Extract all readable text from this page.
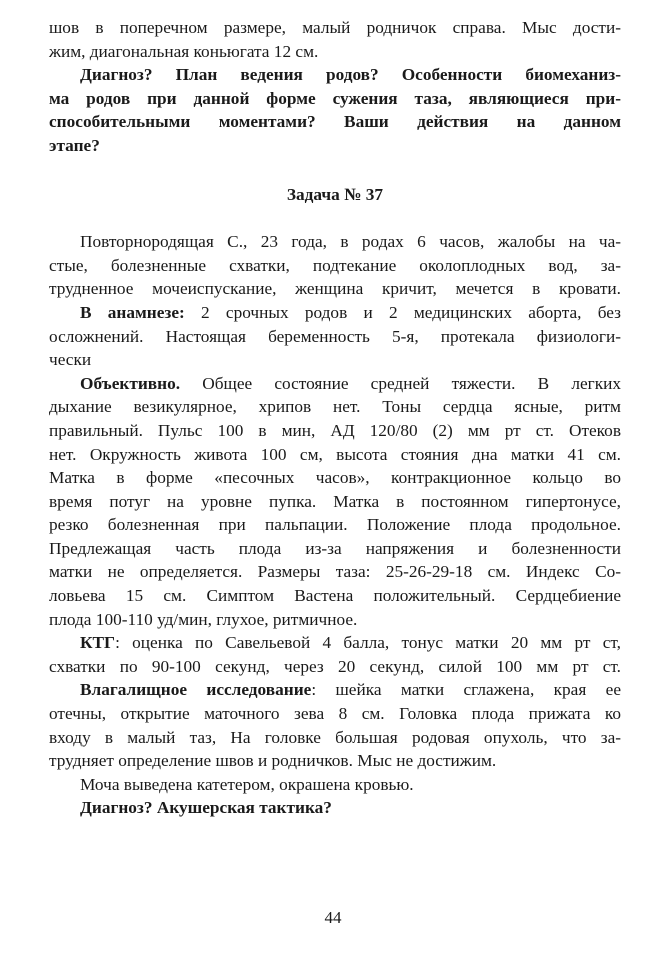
шов в поперечном размере, малый родничок справа. Мыс дости-
жим, диагональная коньюгата 12 см.
Диагноз? План ведения родов? Особенности биомеханиз-
ма родов при данной форме сужения таза, являющиеся при-
способительными моментами? Ваши действия на данном
этапе?
Задача № 37
Повторнородящая С., 23 года, в родах 6 часов, жалобы на ча-
стые, болезненные схватки, подтекание околоплодных вод, за-
трудненное мочеиспускание, женщина кричит, мечется в кровати.
В анамнезе: 2 срочных родов и 2 медицинских аборта, без
осложнений. Настоящая беременность 5-я, протекала физиологи-
чески
Объективно. Общее состояние средней тяжести. В легких
дыхание везикулярное, хрипов нет. Тоны сердца ясные, ритм
правильный. Пульс 100 в мин, АД 120/80 (2) мм рт ст. Отеков
нет. Окружность живота 100 см, высота стояния дна матки 41 см.
Матка в форме «песочных часов», контракционное кольцо во
время потуг на уровне пупка. Матка в постоянном гипертонусе,
резко болезненная при пальпации. Положение плода продольное.
Предлежащая часть плода из-за напряжения и болезненности
матки не определяется. Размеры таза: 25-26-29-18 см. Индекс Со-
ловьева 15 см. Симптом Вастена положительный. Сердцебиение
плода 100-110 уд/мин, глухое, ритмичное.
КТГ: оценка по Савельевой 4 балла, тонус матки 20 мм рт ст,
схватки по 90-100 секунд, через 20 секунд, силой 100 мм рт ст.
Влагалищное исследование: шейка матки сглажена, края ее
отечны, открытие маточного зева 8 см. Головка плода прижата ко
входу в малый таз, На головке большая родовая опухоль, что за-
трудняет определение швов и родничков. Мыс не достижим.
Моча выведена катетером, окрашена кровью.
Диагноз? Акушерская тактика?
44
